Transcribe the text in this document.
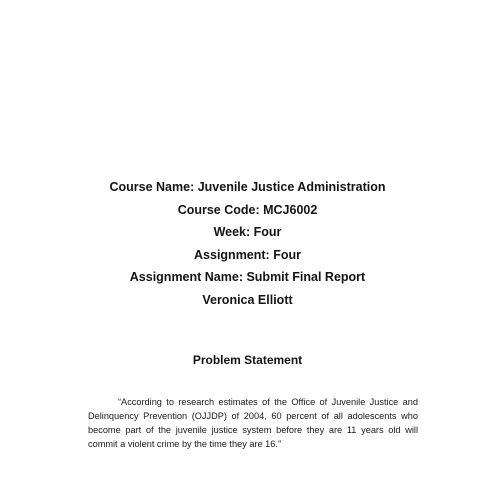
Course Name: Juvenile Justice Administration
Course Code: MCJ6002
Week: Four
Assignment: Four
Assignment Name: Submit Final Report
Veronica Elliott
Problem Statement

“According to research estimates of the Office of Juvenile Justice and Delinquency Prevention (OJJDP) of 2004, 60 percent of all adolescents who become part of the juvenile justice system before they are 11 years old will commit a violent crime by the time they are 16.”
